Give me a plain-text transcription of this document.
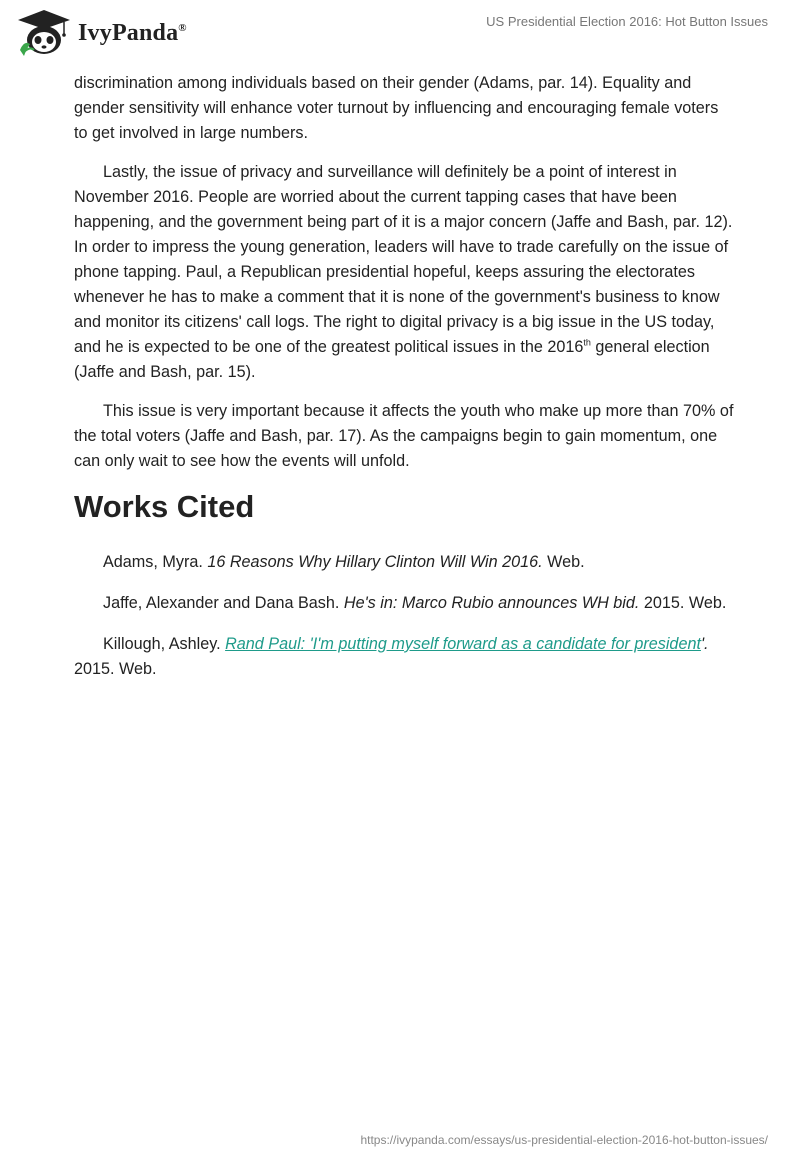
IvyPanda®	US Presidential Election 2016: Hot Button Issues

discrimination among individuals based on their gender (Adams, par. 14). Equality and gender sensitivity will enhance voter turnout by influencing and encouraging female voters to get involved in large numbers.

Lastly, the issue of privacy and surveillance will definitely be a point of interest in November 2016. People are worried about the current tapping cases that have been happening, and the government being part of it is a major concern (Jaffe and Bash, par. 12). In order to impress the young generation, leaders will have to trade carefully on the issue of phone tapping. Paul, a Republican presidential hopeful, keeps assuring the electorates whenever he has to make a comment that it is none of the government's business to know and monitor its citizens' call logs. The right to digital privacy is a big issue in the US today, and he is expected to be one of the greatest political issues in the 2016th general election (Jaffe and Bash, par. 15).

This issue is very important because it affects the youth who make up more than 70% of the total voters (Jaffe and Bash, par. 17). As the campaigns begin to gain momentum, one can only wait to see how the events will unfold.

Works Cited

Adams, Myra. 16 Reasons Why Hillary Clinton Will Win 2016. Web.

Jaffe, Alexander and Dana Bash. He's in: Marco Rubio announces WH bid. 2015. Web.

Killough, Ashley. Rand Paul: 'I'm putting myself forward as a candidate for president'. 2015. Web.

https://ivypanda.com/essays/us-presidential-election-2016-hot-button-issues/
